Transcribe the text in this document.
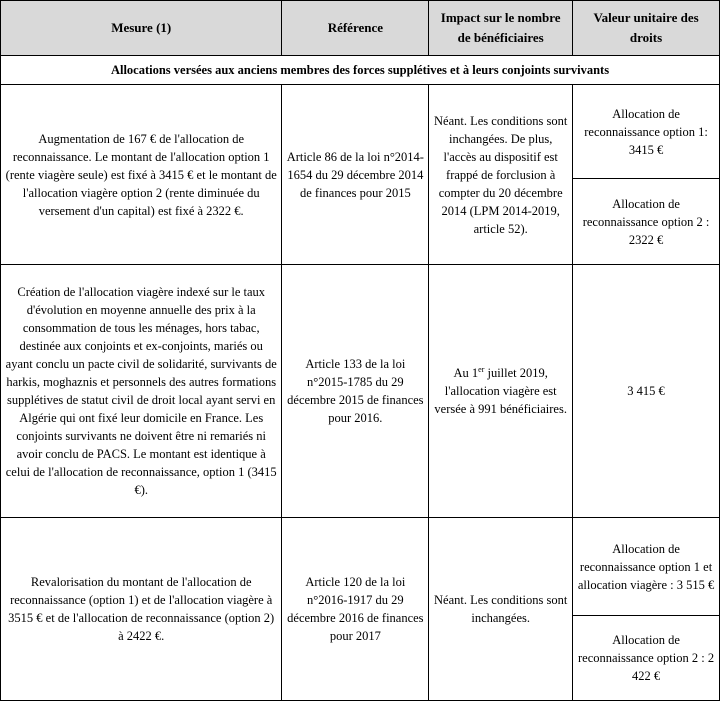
Mesure (1)	Référence	Impact sur le nombre de bénéficiaires	Valeur unitaire des droits
Allocations versées aux anciens membres des forces supplétives et à leurs conjoints survivants			
Augmentation de 167 € de l'allocation de reconnaissance. Le montant de l'allocation option 1 (rente viagère seule) est fixé à 3415 € et le montant de l'allocation viagère option 2 (rente diminuée du versement d'un capital) est fixé à 2322 €.	Article 86 de la loi n°2014-1654 du 29 décembre 2014 de finances pour 2015	Néant. Les conditions sont inchangées. De plus, l'accès au dispositif est frappé de forclusion à compter du 20 décembre 2014 (LPM 2014-2019, article 52).	Allocation de reconnaissance option 1: 3415 €
			Allocation de reconnaissance option 2 : 2322 €
Création de l'allocation viagère indexé sur le taux d'évolution en moyenne annuelle des prix à la consommation de tous les ménages, hors tabac, destinée aux conjoints et ex-conjoints, mariés ou ayant conclu un pacte civil de solidarité, survivants de harkis, moghaznis et personnels des autres formations supplétives de statut civil de droit local ayant servi en Algérie qui ont fixé leur domicile en France. Les conjoints survivants ne doivent être ni remariés ni avoir conclu de PACS. Le montant est identique à celui de l'allocation de reconnaissance, option 1 (3415 €).	Article 133 de la loi n°2015-1785 du 29 décembre 2015 de finances pour 2016.	Au 1er juillet 2019, l'allocation viagère est versée à 991 bénéficiaires.	3 415 €
Revalorisation du montant de l'allocation de reconnaissance (option 1) et de l'allocation viagère à 3515 € et de l'allocation de reconnaissance (option 2) à 2422 €.	Article 120 de la loi n°2016-1917 du 29 décembre 2016 de finances pour 2017	Néant. Les conditions sont inchangées.	Allocation de reconnaissance option 1 et allocation viagère : 3 515 €
			Allocation de reconnaissance option 2 : 2 422 €
